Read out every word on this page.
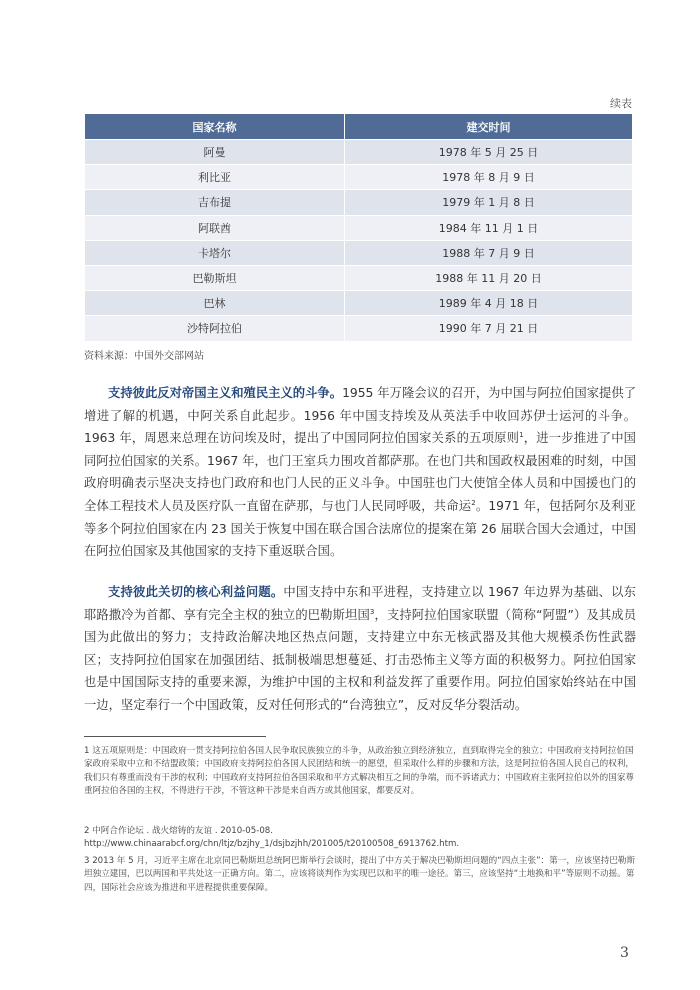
续表
国家名称	建交时间
阿曼	1978 年 5 月 25 日
利比亚	1978 年 8 月 9 日
吉布提	1979 年 1 月 8 日
阿联酋	1984 年 11 月 1 日
卡塔尔	1988 年 7 月 9 日
巴勒斯坦	1988 年 11 月 20 日
巴林	1989 年 4 月 18 日
沙特阿拉伯	1990 年 7 月 21 日
资料来源：中国外交部网站

支持彼此反对帝国主义和殖民主义的斗争。1955 年万隆会议的召开，为中国与阿拉伯国家提供了增进了解的机遇，中阿关系自此起步。1956 年中国支持埃及从英法手中收回苏伊士运河的斗争。1963 年，周恩来总理在访问埃及时，提出了中国同阿拉伯国家关系的五项原则$^1$，进一步推进了中国同阿拉伯国家的关系。1967 年，也门王室兵力围攻首都萨那。在也门共和国政权最困难的时刻，中国政府明确表示坚决支持也门政府和也门人民的正义斗争。中国驻也门大使馆全体人员和中国援也门的全体工程技术人员及医疗队一直留在萨那，与也门人民同呼吸，共命运$^2$。1971 年，包括阿尔及利亚等多个阿拉伯国家在内 23 国关于恢复中国在联合国合法席位的提案在第 26 届联合国大会通过，中国在阿拉伯国家及其他国家的支持下重返联合国。

支持彼此关切的核心利益问题。中国支持中东和平进程，支持建立以 1967 年边界为基础、以东耶路撒冷为首都、享有完全主权的独立的巴勒斯坦国$^3$，支持阿拉伯国家联盟（简称“阿盟”）及其成员国为此做出的努力；支持政治解决地区热点问题，支持建立中东无核武器及其他大规模杀伤性武器区；支持阿拉伯国家在加强团结、抵制极端思想蔓延、打击恐怖主义等方面的积极努力。阿拉伯国家也是中国国际支持的重要来源，为维护中国的主权和利益发挥了重要作用。阿拉伯国家始终站在中国一边，坚定奉行一个中国政策，反对任何形式的“台湾独立”，反对反华分裂活动。

1 这五项原则是：中国政府一贯支持阿拉伯各国人民争取民族独立的斗争，从政治独立到经济独立，直到取得完全的独立；中国政府支持阿拉伯国家政府采取中立和不结盟政策；中国政府支持阿拉伯各国人民团结和统一的愿望，但采取什么样的步骤和方法，这是阿拉伯各国人民自己的权利，我们只有尊重而没有干涉的权利；中国政府支持阿拉伯各国采取和平方式解决相互之间的争端，而不诉诸武力；中国政府主张阿拉伯以外的国家尊重阿拉伯各国的主权，不得进行干涉，不管这种干涉是来自西方或其他国家，都要反对。

2 中阿合作论坛 . 战火熔铸的友谊 . 2010-05-08.
http://www.chinaarabcf.org/chn/ltjz/bzjhy_1/dsjbzjhh/201005/t20100508_6913762.htm.

3 2013 年 5 月，习近平主席在北京同巴勒斯坦总统阿巴斯举行会谈时，提出了中方关于解决巴勒斯坦问题的“四点主张”：第一，应该坚持巴勒斯坦独立建国，巴以两国和平共处这一正确方向。第二，应该将谈判作为实现巴以和平的唯一途径。第三，应该坚持“土地换和平”等原则不动摇。第四，国际社会应该为推进和平进程提供重要保障。

3
